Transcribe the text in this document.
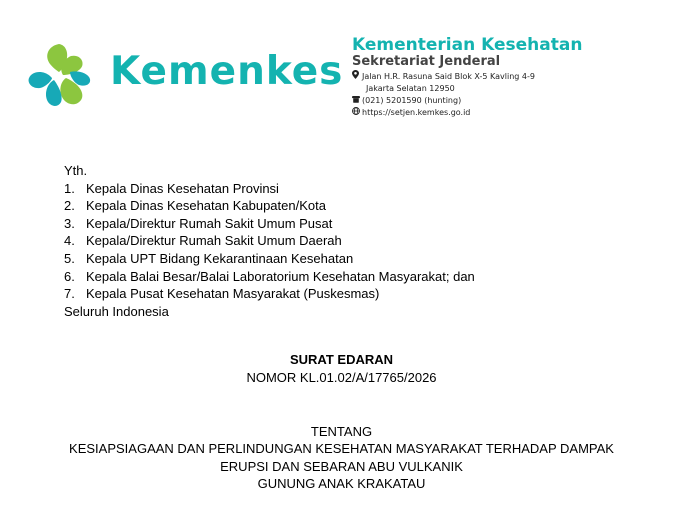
Kemenkes
Kementerian Kesehatan
Sekretariat Jenderal
Jalan H.R. Rasuna Said Blok X-5 Kavling 4-9
Jakarta Selatan 12950
(021) 5201590 (hunting)
https://setjen.kemkes.go.id

Yth.

1. Kepala Dinas Kesehatan Provinsi
2. Kepala Dinas Kesehatan Kabupaten/Kota
3. Kepala/Direktur Rumah Sakit Umum Pusat
4. Kepala/Direktur Rumah Sakit Umum Daerah
5. Kepala UPT Bidang Kekarantinaan Kesehatan
6. Kepala Balai Besar/Balai Laboratorium Kesehatan Masyarakat; dan
7. Kepala Pusat Kesehatan Masyarakat (Puskesmas)

Seluruh Indonesia

SURAT EDARAN
NOMOR KL.01.02/A/17765/2026
TENTANG
KESIAPSIAGAAN DAN PERLINDUNGAN KESEHATAN MASYARAKAT TERHADAP DAMPAK
ERUPSI DAN SEBARAN ABU VULKANIK
GUNUNG ANAK KRAKATAU
